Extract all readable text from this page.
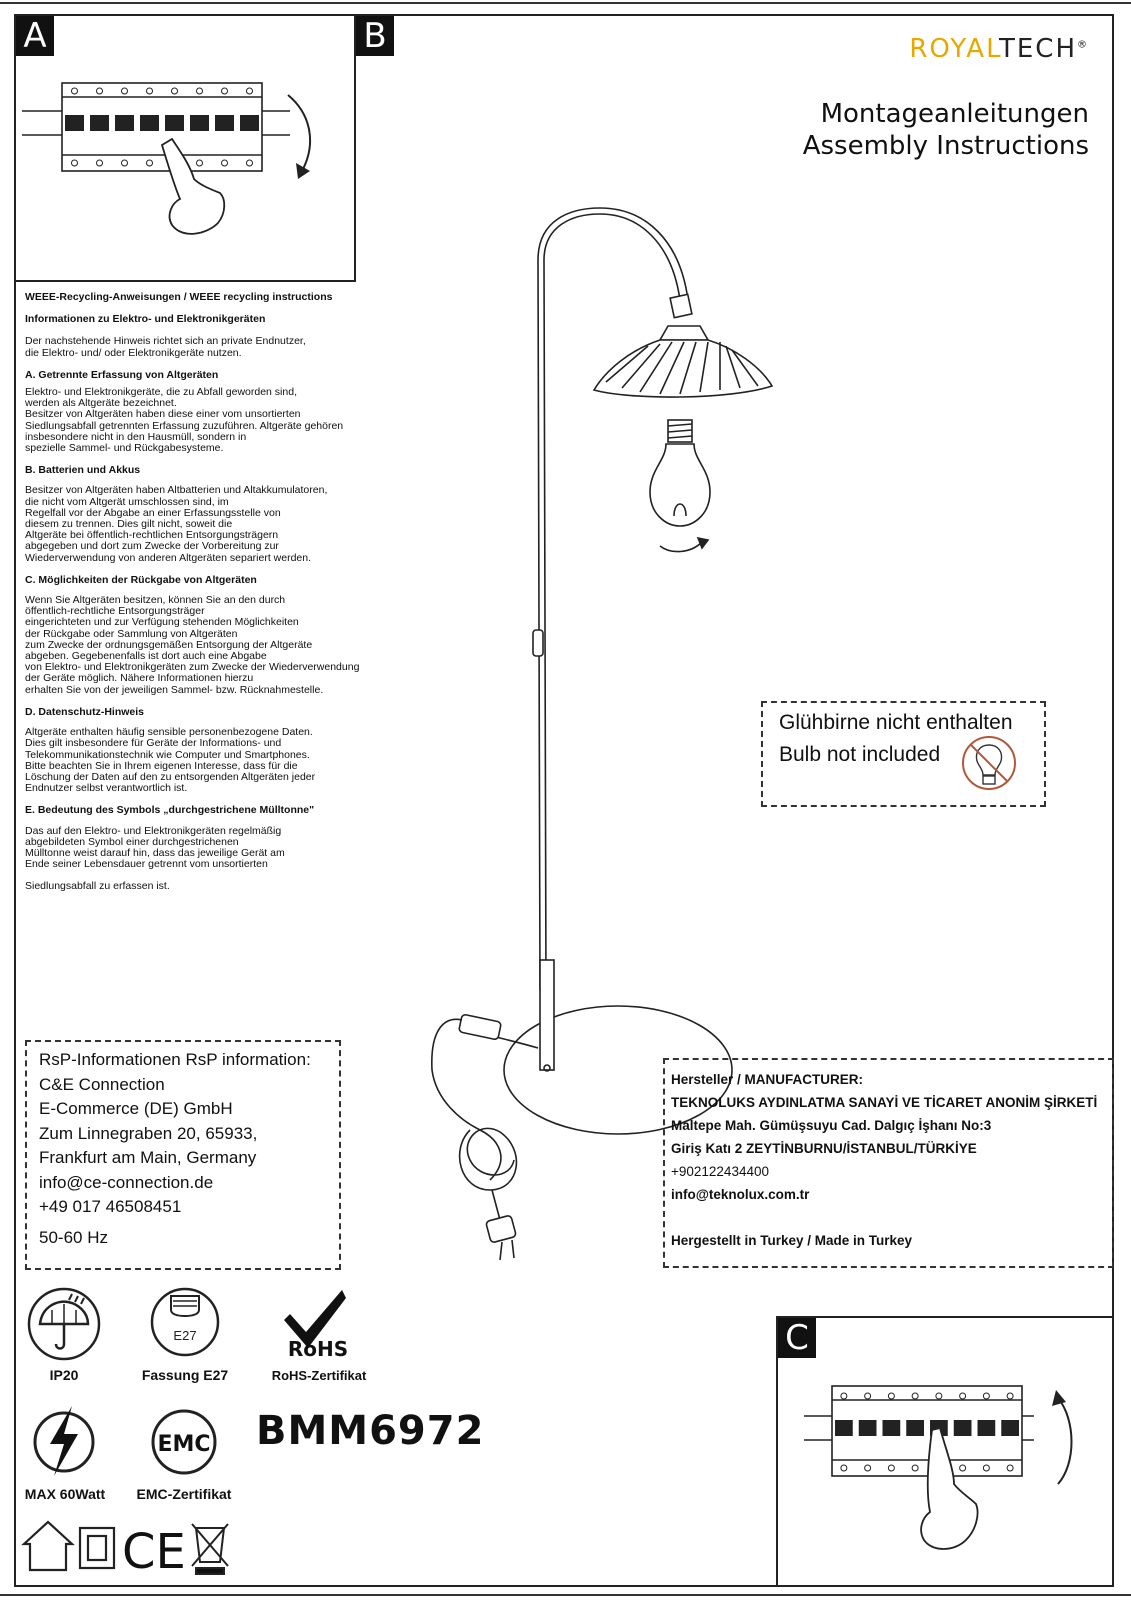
A	B	ROYALTECH®
Montageanleitungen
Assembly Instructions
WEEE-Recycling-Anweisungen / WEEE recycling instructions
Informationen zu Elektro- und Elektronikgeräten

Der nachstehende Hinweis richtet sich an private Endnutzer,
die Elektro- und/ oder Elektronikgeräte nutzen.

A. Getrennte Erfassung von Altgeräten

Elektro- und Elektronikgeräte, die zu Abfall geworden sind,
werden als Altgeräte bezeichnet.
Besitzer von Altgeräten haben diese einer vom unsortierten
Siedlungsabfall getrennten Erfassung zuzuführen. Altgeräte gehören
insbesondere nicht in den Hausmüll, sondern in
spezielle Sammel- und Rückgabesysteme.

B. Batterien und Akkus

Besitzer von Altgeräten haben Altbatterien und Altakkumulatoren,
die nicht vom Altgerät umschlossen sind, im
Regelfall vor der Abgabe an einer Erfassungsstelle von
diesem zu trennen. Dies gilt nicht, soweit die
Altgeräte bei öffentlich-rechtlichen Entsorgungsträgern
abgegeben und dort zum Zwecke der Vorbereitung zur
Wiederverwendung von anderen Altgeräten separiert werden.

C. Möglichkeiten der Rückgabe von Altgeräten

Wenn Sie Altgeräten besitzen, können Sie an den durch
öffentlich-rechtliche Entsorgungsträger
eingerichteten und zur Verfügung stehenden Möglichkeiten
der Rückgabe oder Sammlung von Altgeräten
zum Zwecke der ordnungsgemäßen Entsorgung der Altgeräte
abgeben. Gegebenenfalls ist dort auch eine Abgabe
von Elektro- und Elektronikgeräten zum Zwecke der Wiederverwendung
der Geräte möglich. Nähere Informationen hierzu
erhalten Sie von der jeweiligen Sammel- bzw. Rücknahmestelle.

D. Datenschutz-Hinweis

Altgeräte enthalten häufig sensible personenbezogene Daten.
Dies gilt insbesondere für Geräte der Informations- und
Telekommunikationstechnik wie Computer und Smartphones.
Bitte beachten Sie in Ihrem eigenen Interesse, dass für die
Löschung der Daten auf den zu entsorgenden Altgeräten jeder
Endnutzer selbst verantwortlich ist.

E. Bedeutung des Symbols „durchgestrichene Mülltonne"

Das auf den Elektro- und Elektronikgeräten regelmäßig
abgebildeten Symbol einer durchgestrichenen
Mülltonne weist darauf hin, dass das jeweilige Gerät am
Ende seiner Lebensdauer getrennt vom unsortierten

Siedlungsabfall zu erfassen ist.

Glühbirne nicht enthalten
Bulb not included
RsP-Informationen RsP information:
C&E Connection
E-Commerce (DE) GmbH
Zum Linnegraben 20, 65933,
Frankfurt am Main, Germany
info@ce-connection.de
+49 017 46508451
50-60 Hz
Hersteller / MANUFACTURER:
TEKNOLUKS AYDINLATMA SANAYİ VE TİCARET ANONİM ŞİRKETİ
Maltepe Mah. Gümüşsuyu Cad. Dalgıç İşhanı No:3
Giriş Katı 2 ZEYTİNBURNU/İSTANBUL/TÜRKİYE
+902122434400
info@teknolux.com.tr
Hergestellt in Turkey / Made in Turkey
IP20
E27
Fassung E27
RoHS
RoHS-Zertifikat
MAX 60Watt
EMC
EMC-Zertifikat
BMM6972
CE
C
